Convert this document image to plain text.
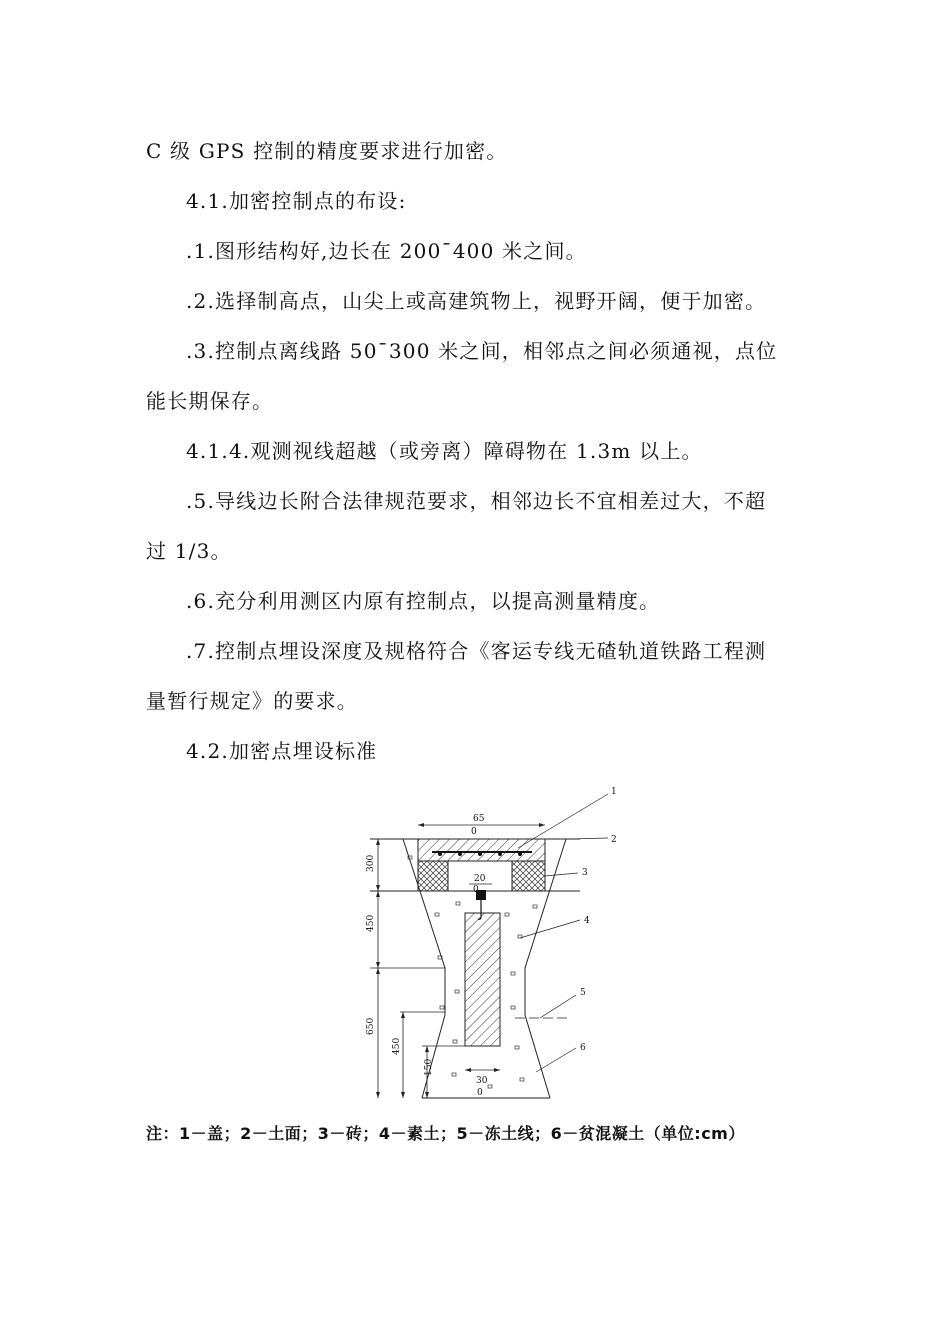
C 级 GPS 控制的精度要求进行加密。
4.1.加密控制点的布设:
.1.图形结构好,边长在 200¯400 米之间。
.2.选择制高点，山尖上或高建筑物上，视野开阔，便于加密。
.3.控制点离线路 50¯300 米之间，相邻点之间必须通视，点位
能长期保存。
4.1.4.观测视线超越（或旁离）障碍物在 1.3m 以上。
.5.导线边长附合法律规范要求，相邻边长不宜相差过大，不超
过 1/3。
.6.充分利用测区内原有控制点，以提高测量精度。
.7.控制点埋设深度及规格符合《客运专线无碴轨道铁路工程测
量暂行规定》的要求。
4.2.加密点埋设标准
65
0
20
0
30
0
300
450
650
450
150
1
2
3
4
5
6
注：1－盖；2－土面；3－砖；4－素土；5－冻土线；6－贫混凝土（单位:cm）
